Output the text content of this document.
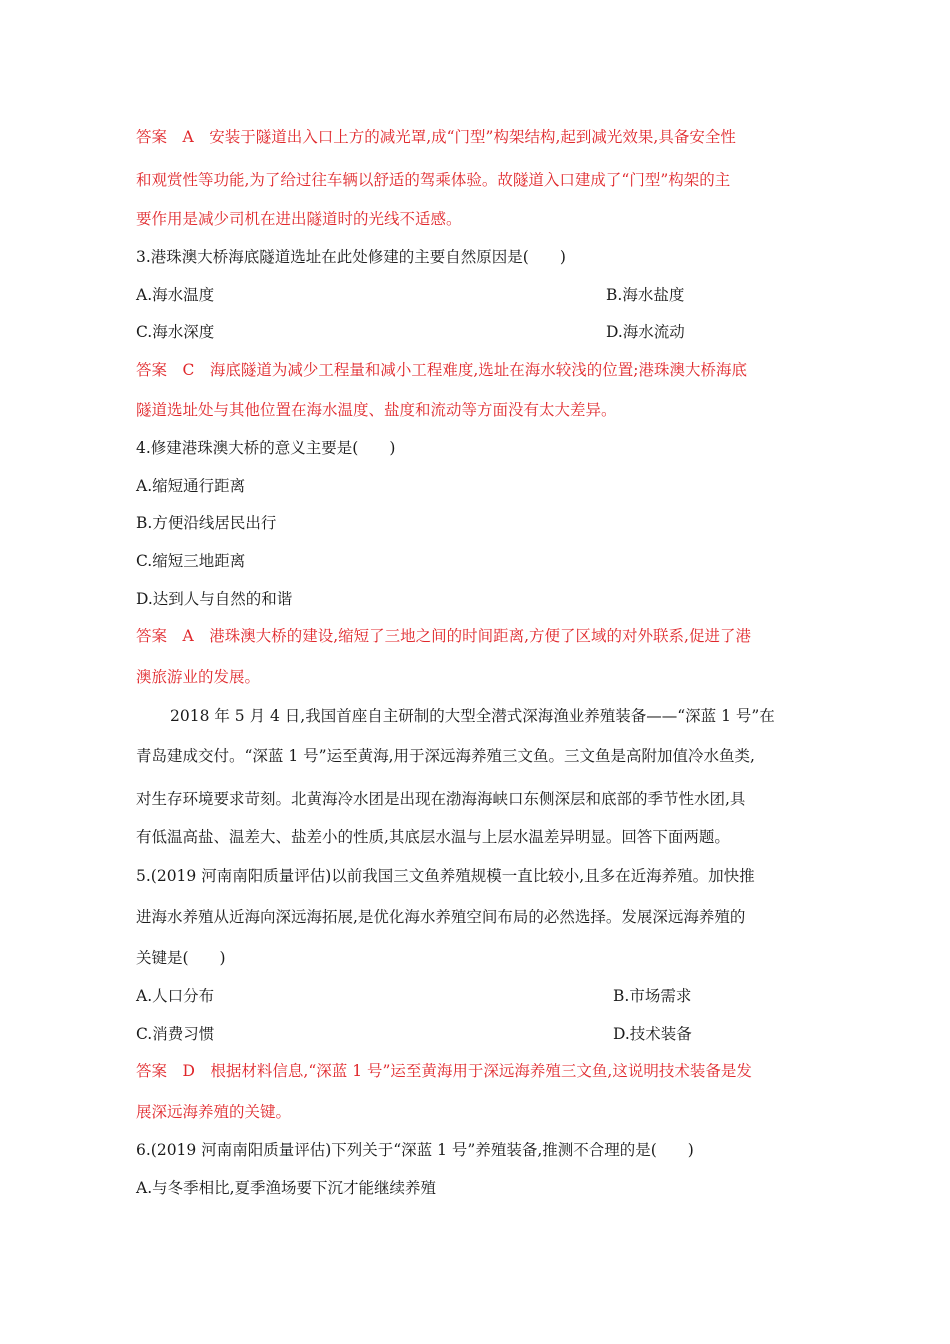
答案　A　安装于隧道出入口上方的减光罩,成“门型”构架结构,起到减光效果,具备安全性
和观赏性等功能,为了给过往车辆以舒适的驾乘体验。故隧道入口建成了“门型”构架的主
要作用是减少司机在进出隧道时的光线不适感。
3.港珠澳大桥海底隧道选址在此处修建的主要自然原因是(　　)
A.海水温度	B.海水盐度
C.海水深度	D.海水流动
答案　C　海底隧道为减少工程量和减小工程难度,选址在海水较浅的位置;港珠澳大桥海底
隧道选址处与其他位置在海水温度、盐度和流动等方面没有太大差异。
4.修建港珠澳大桥的意义主要是(　　)
A.缩短通行距离
B.方便沿线居民出行
C.缩短三地距离
D.达到人与自然的和谐
答案　A　港珠澳大桥的建设,缩短了三地之间的时间距离,方便了区域的对外联系,促进了港
澳旅游业的发展。
2018 年 5 月 4 日,我国首座自主研制的大型全潜式深海渔业养殖装备——“深蓝 1 号”在
青岛建成交付。“深蓝 1 号”运至黄海,用于深远海养殖三文鱼。三文鱼是高附加值冷水鱼类,
对生存环境要求苛刻。北黄海冷水团是出现在渤海海峡口东侧深层和底部的季节性水团,具
有低温高盐、温差大、盐差小的性质,其底层水温与上层水温差异明显。回答下面两题。
5.(2019 河南南阳质量评估)以前我国三文鱼养殖规模一直比较小,且多在近海养殖。加快推
进海水养殖从近海向深远海拓展,是优化海水养殖空间布局的必然选择。发展深远海养殖的
关键是(　　)
A.人口分布	B.市场需求
C.消费习惯	D.技术装备
答案　D　根据材料信息,“深蓝 1 号”运至黄海用于深远海养殖三文鱼,这说明技术装备是发
展深远海养殖的关键。
6.(2019 河南南阳质量评估)下列关于“深蓝 1 号”养殖装备,推测不合理的是(　　)
A.与冬季相比,夏季渔场要下沉才能继续养殖
